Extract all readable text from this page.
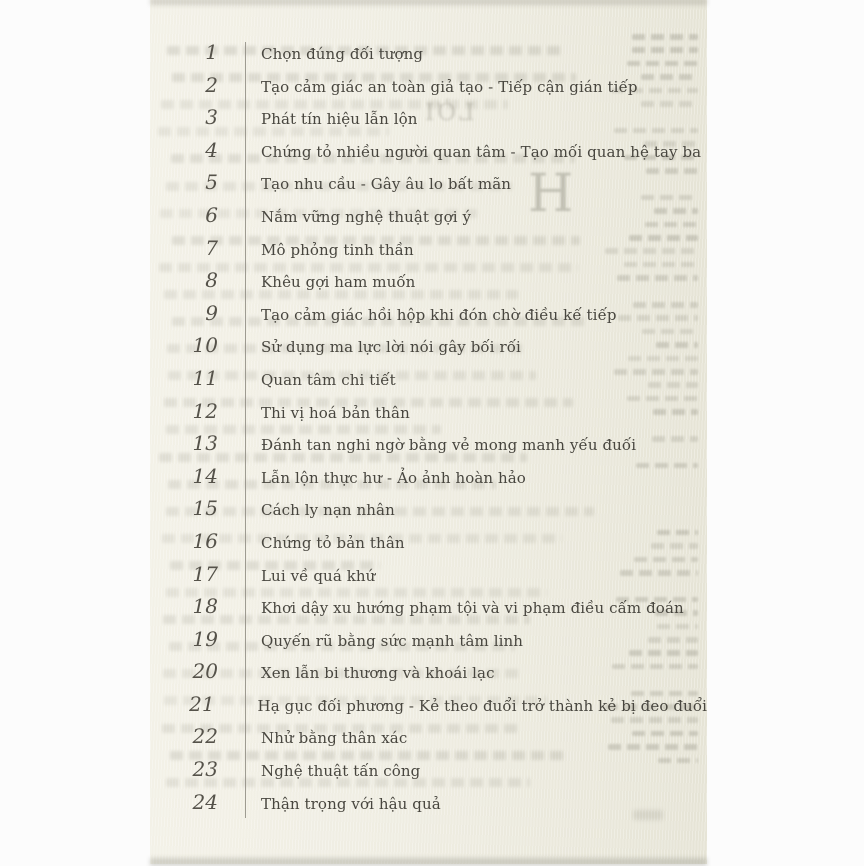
LỜI
H
1	Chọn đúng đối tượng
2	Tạo cảm giác an toàn giả tạo - Tiếp cận gián tiếp
3	Phát tín hiệu lẫn lộn
4	Chứng tỏ nhiều người quan tâm - Tạo mối quan hệ tay ba
5	Tạo nhu cầu - Gây âu lo bất mãn
6	Nắm vững nghệ thuật gợi ý
7	Mô phỏng tinh thần
8	Khêu gợi ham muốn
9	Tạo cảm giác hồi hộp khi đón chờ điều kế tiếp
10	Sử dụng ma lực lời nói gây bối rối
11	Quan tâm chi tiết
12	Thi vị hoá bản thân
13	Đánh tan nghi ngờ bằng vẻ mong manh yếu đuối
14	Lẫn lộn thực hư - Ảo ảnh hoàn hảo
15	Cách ly nạn nhân
16	Chứng tỏ bản thân
17	Lui về quá khứ
18	Khơi dậy xu hướng phạm tội và vi phạm điều cấm đoán
19	Quyến rũ bằng sức mạnh tâm linh
20	Xen lẫn bi thương và khoái lạc
21	Hạ gục đối phương - Kẻ theo đuổi trở thành kẻ bị đeo đuổi
22	Nhử bằng thân xác
23	Nghệ thuật tấn công
24	Thận trọng với hậu quả
